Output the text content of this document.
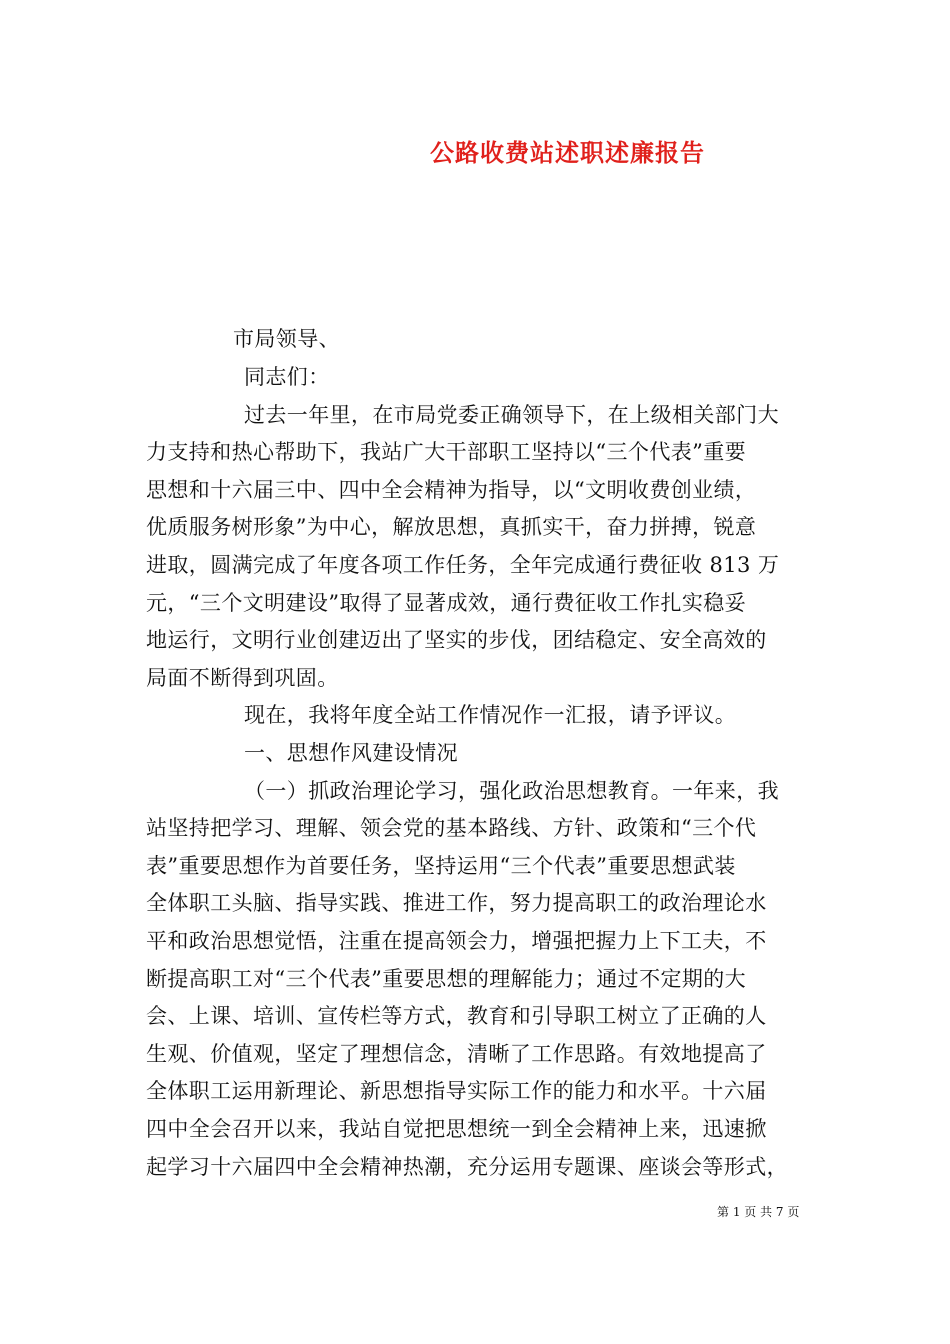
公路收费站述职述廉报告
市局领导、
同志们：
过去一年里，在市局党委正确领导下，在上级相关部门大
力支持和热心帮助下，我站广大干部职工坚持以“三个代表”重要
思想和十六届三中、四中全会精神为指导，以“文明收费创业绩，
优质服务树形象”为中心，解放思想，真抓实干，奋力拼搏，锐意
进取，圆满完成了年度各项工作任务，全年完成通行费征收 813 万
元，“三个文明建设”取得了显著成效，通行费征收工作扎实稳妥
地运行，文明行业创建迈出了坚实的步伐，团结稳定、安全高效的
局面不断得到巩固。
现在，我将年度全站工作情况作一汇报，请予评议。
一、思想作风建设情况
（一）抓政治理论学习，强化政治思想教育。一年来，我
站坚持把学习、理解、领会党的基本路线、方针、政策和“三个代
表”重要思想作为首要任务，坚持运用“三个代表”重要思想武装
全体职工头脑、指导实践、推进工作，努力提高职工的政治理论水
平和政治思想觉悟，注重在提高领会力，增强把握力上下工夫，不
断提高职工对“三个代表”重要思想的理解能力；通过不定期的大
会、上课、培训、宣传栏等方式，教育和引导职工树立了正确的人
生观、价值观，坚定了理想信念，清晰了工作思路。有效地提高了
全体职工运用新理论、新思想指导实际工作的能力和水平。十六届
四中全会召开以来，我站自觉把思想统一到全会精神上来，迅速掀
起学习十六届四中全会精神热潮，充分运用专题课、座谈会等形式，
第 1 页 共 7 页
